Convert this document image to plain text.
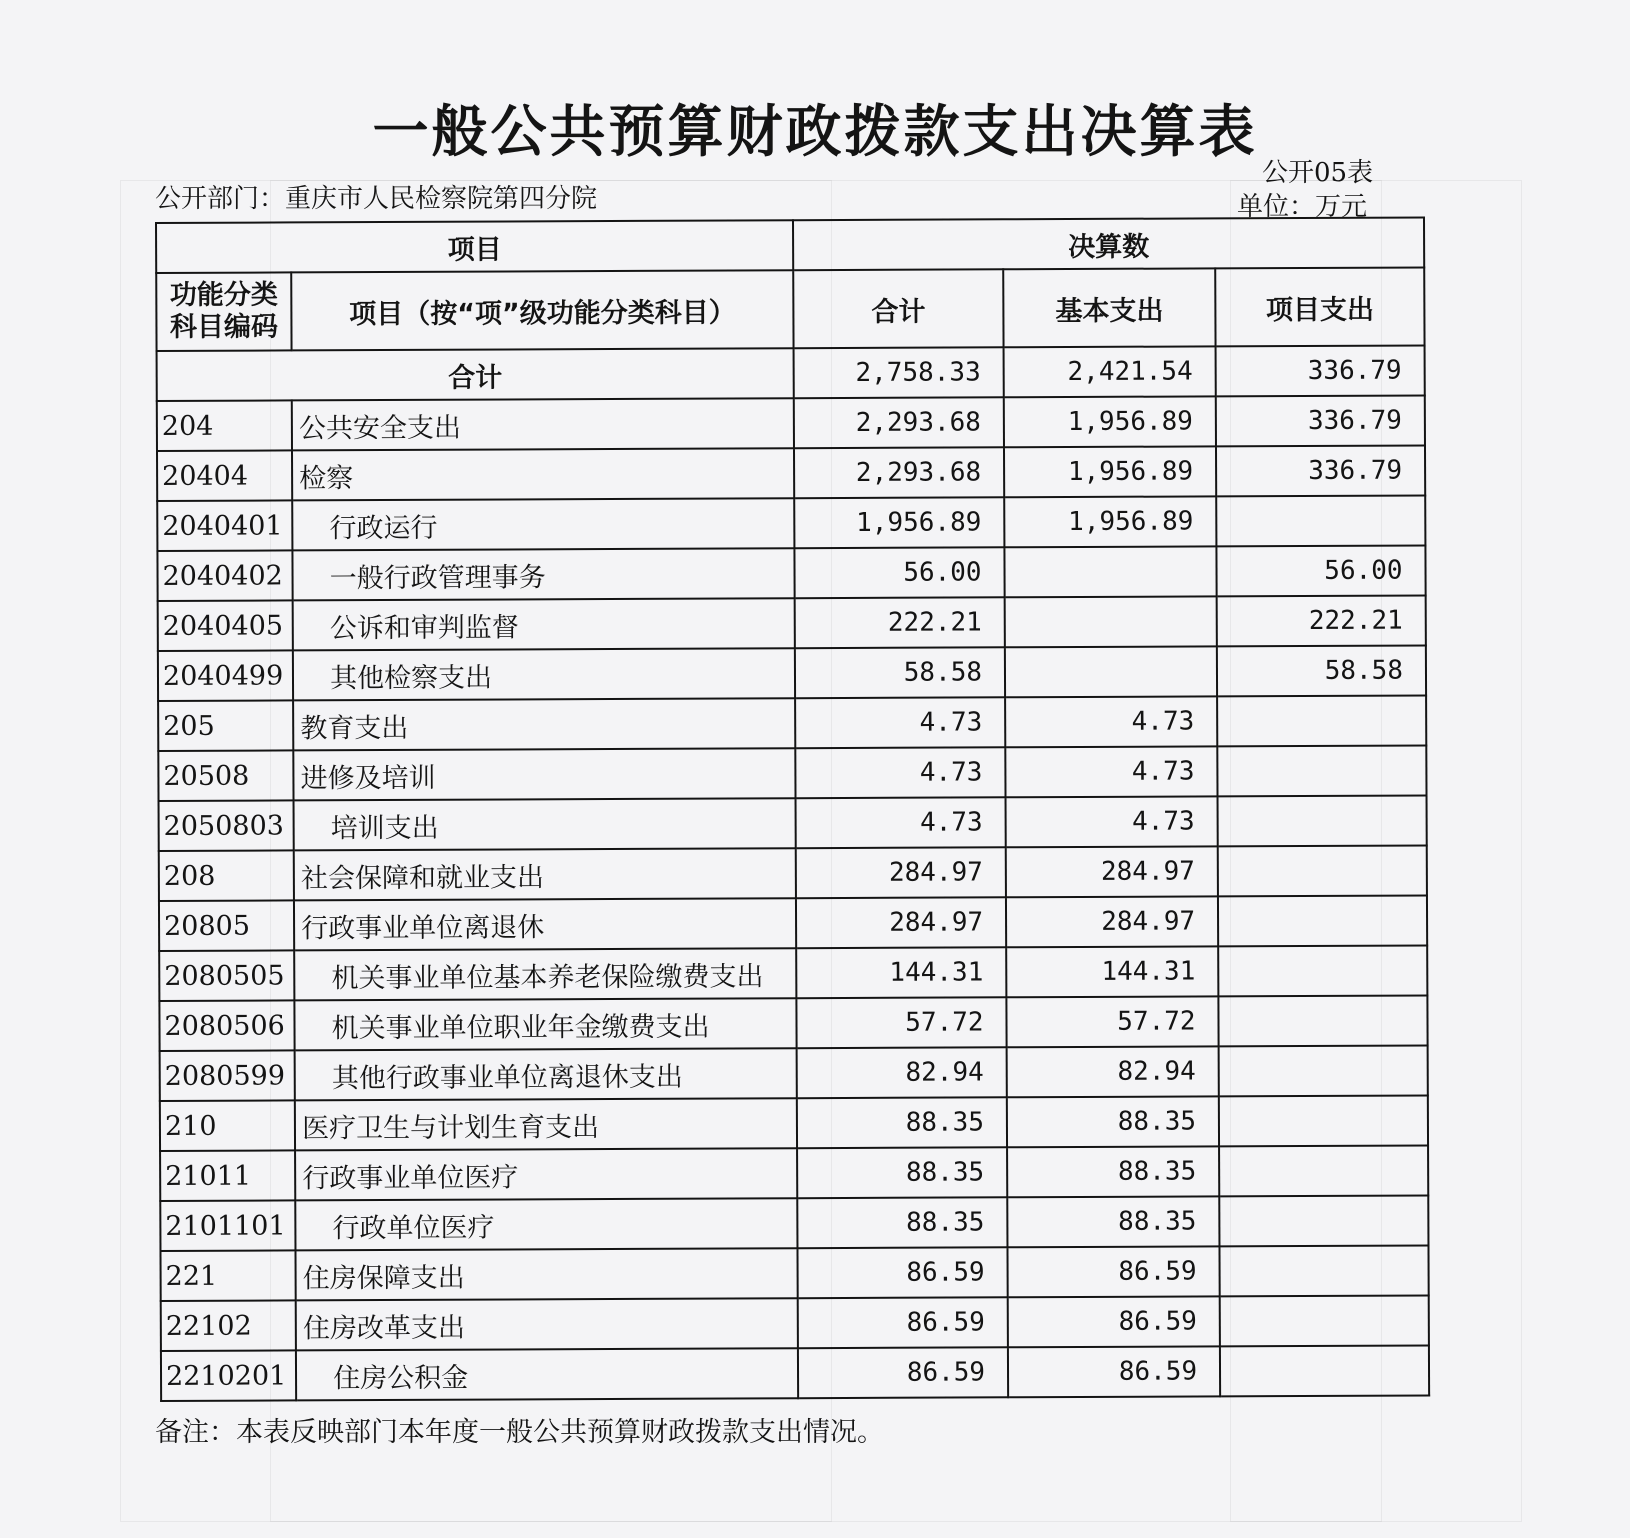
一般公共预算财政拨款支出决算表
公开05表
公开部门：重庆市人民检察院第四分院	单位：万元
项目		决算数		

功能分类
科目编码	项目（按“项”级功能分类科目）	合计	基本支出	项目支出
合计		2,758.33	2,421.54	336.79
204	公共安全支出	2,293.68	1,956.89	336.79
20404	检察	2,293.68	1,956.89	336.79
2040401	行政运行	1,956.89	1,956.89	
2040402	一般行政管理事务	56.00		56.00
2040405	公诉和审判监督	222.21		222.21
2040499	其他检察支出	58.58		58.58
205	教育支出	4.73	4.73	
20508	进修及培训	4.73	4.73	
2050803	培训支出	4.73	4.73	
208	社会保障和就业支出	284.97	284.97	
20805	行政事业单位离退休	284.97	284.97	
2080505	机关事业单位基本养老保险缴费支出	144.31	144.31	
2080506	机关事业单位职业年金缴费支出	57.72	57.72	
2080599	其他行政事业单位离退休支出	82.94	82.94	
210	医疗卫生与计划生育支出	88.35	88.35	
21011	行政事业单位医疗	88.35	88.35	
2101101	行政单位医疗	88.35	88.35	
221	住房保障支出	86.59	86.59	
22102	住房改革支出	86.59	86.59	
2210201	住房公积金	86.59	86.59	
备注：本表反映部门本年度一般公共预算财政拨款支出情况。
